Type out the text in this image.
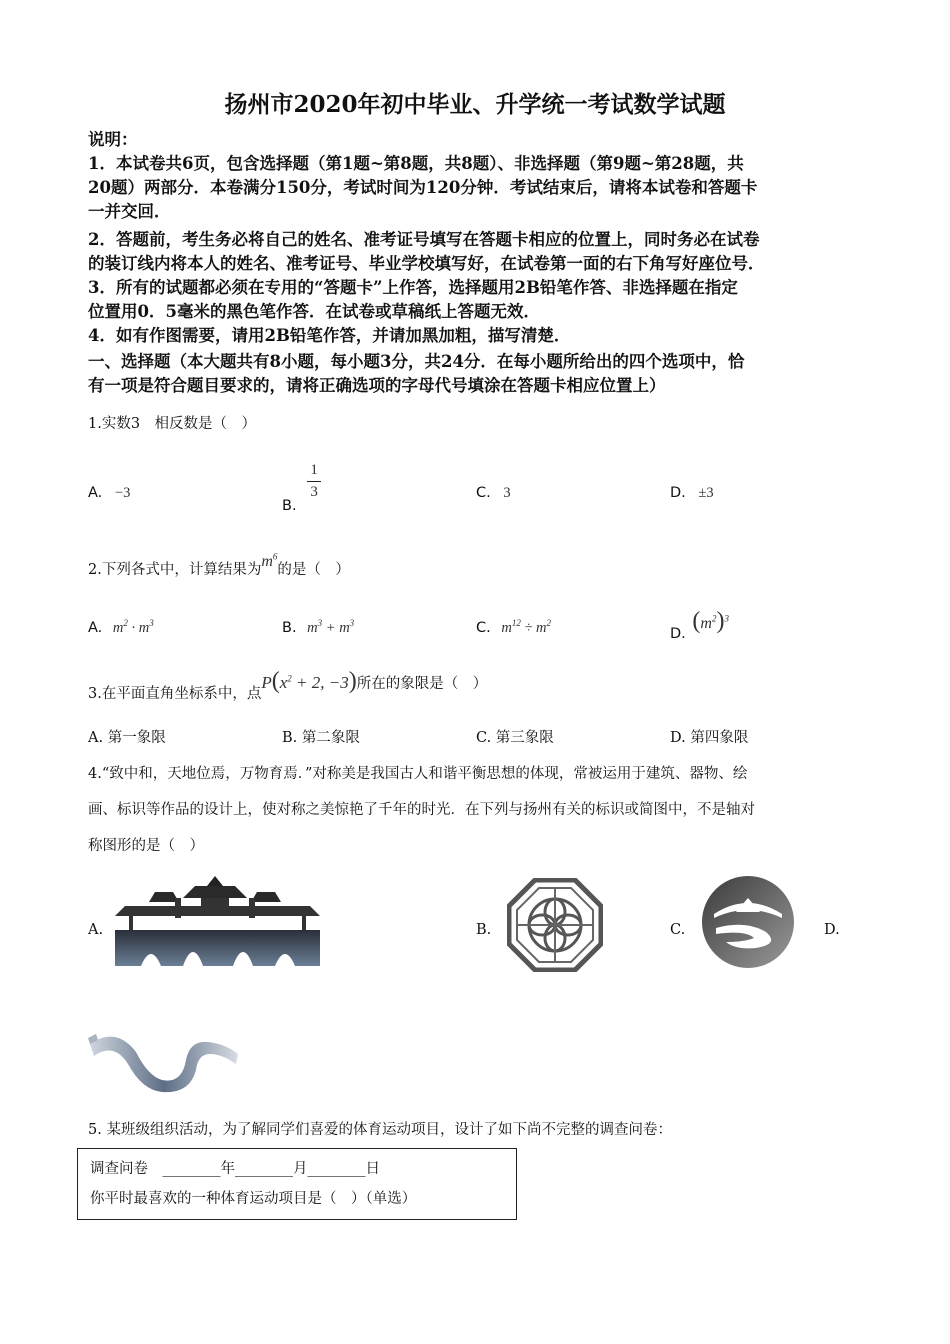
扬州市2020年初中毕业、升学统一考试数学试题
说明：
1．本试卷共6页，包含选择题（第1题~第8题，共8题）、非选择题（第9题~第28题，共
20题）两部分．本卷满分150分，考试时间为120分钟．考试结束后，请将本试卷和答题卡
一并交回．
2．答题前，考生务必将自己的姓名、准考证号填写在答题卡相应的位置上，同时务必在试卷
的装订线内将本人的姓名、准考证号、毕业学校填写好，在试卷第一面的右下角写好座位号．
3．所有的试题都必须在专用的“答题卡”上作答，选择题用2B铅笔作答、非选择题在指定
位置用0．5毫米的黑色笔作答．在试卷或草稿纸上答题无效．
4．如有作图需要，请用2B铅笔作答，并请加黑加粗，描写清楚．
一、选择题（本大题共有8小题，每小题3分，共24分．在每小题所给出的四个选项中，恰
有一项是符合题目要求的，请将正确选项的字母代号填涂在答题卡相应位置上）
1.实数3　相反数是（　）
A. −3
B. $\frac{1}{3}$	C. 3	D. ±3
2.下列各式中，计算结果为$m^6$的是（　）
A. $m^2 \cdot m^3$	B. $m^3 + m^3$	C. $m^{12} \div m^2$
D. $(m^2)^3$
3.在平面直角坐标系中，点$P(x^2 + 2$, −3)所在的象限是（　）
A. 第一象限	B. 第二象限	C. 第三象限	D. 第四象限
4.“致中和，天地位焉，万物育焉．”对称美是我国古人和谐平衡思想的体现，常被运用于建筑、器物、绘
画、标识等作品的设计上，使对称之美惊艳了千年的时光．在下列与扬州有关的标识或简图中，不是轴对
称图形的是（　）
A.	B.	C.	D.
5. 某班级组织活动，为了解同学们喜爱的体育运动项目，设计了如下尚不完整的调查问卷：
调查问卷　________年________月________日
你平时最喜欢的一种体育运动项目是（　）（单选）
